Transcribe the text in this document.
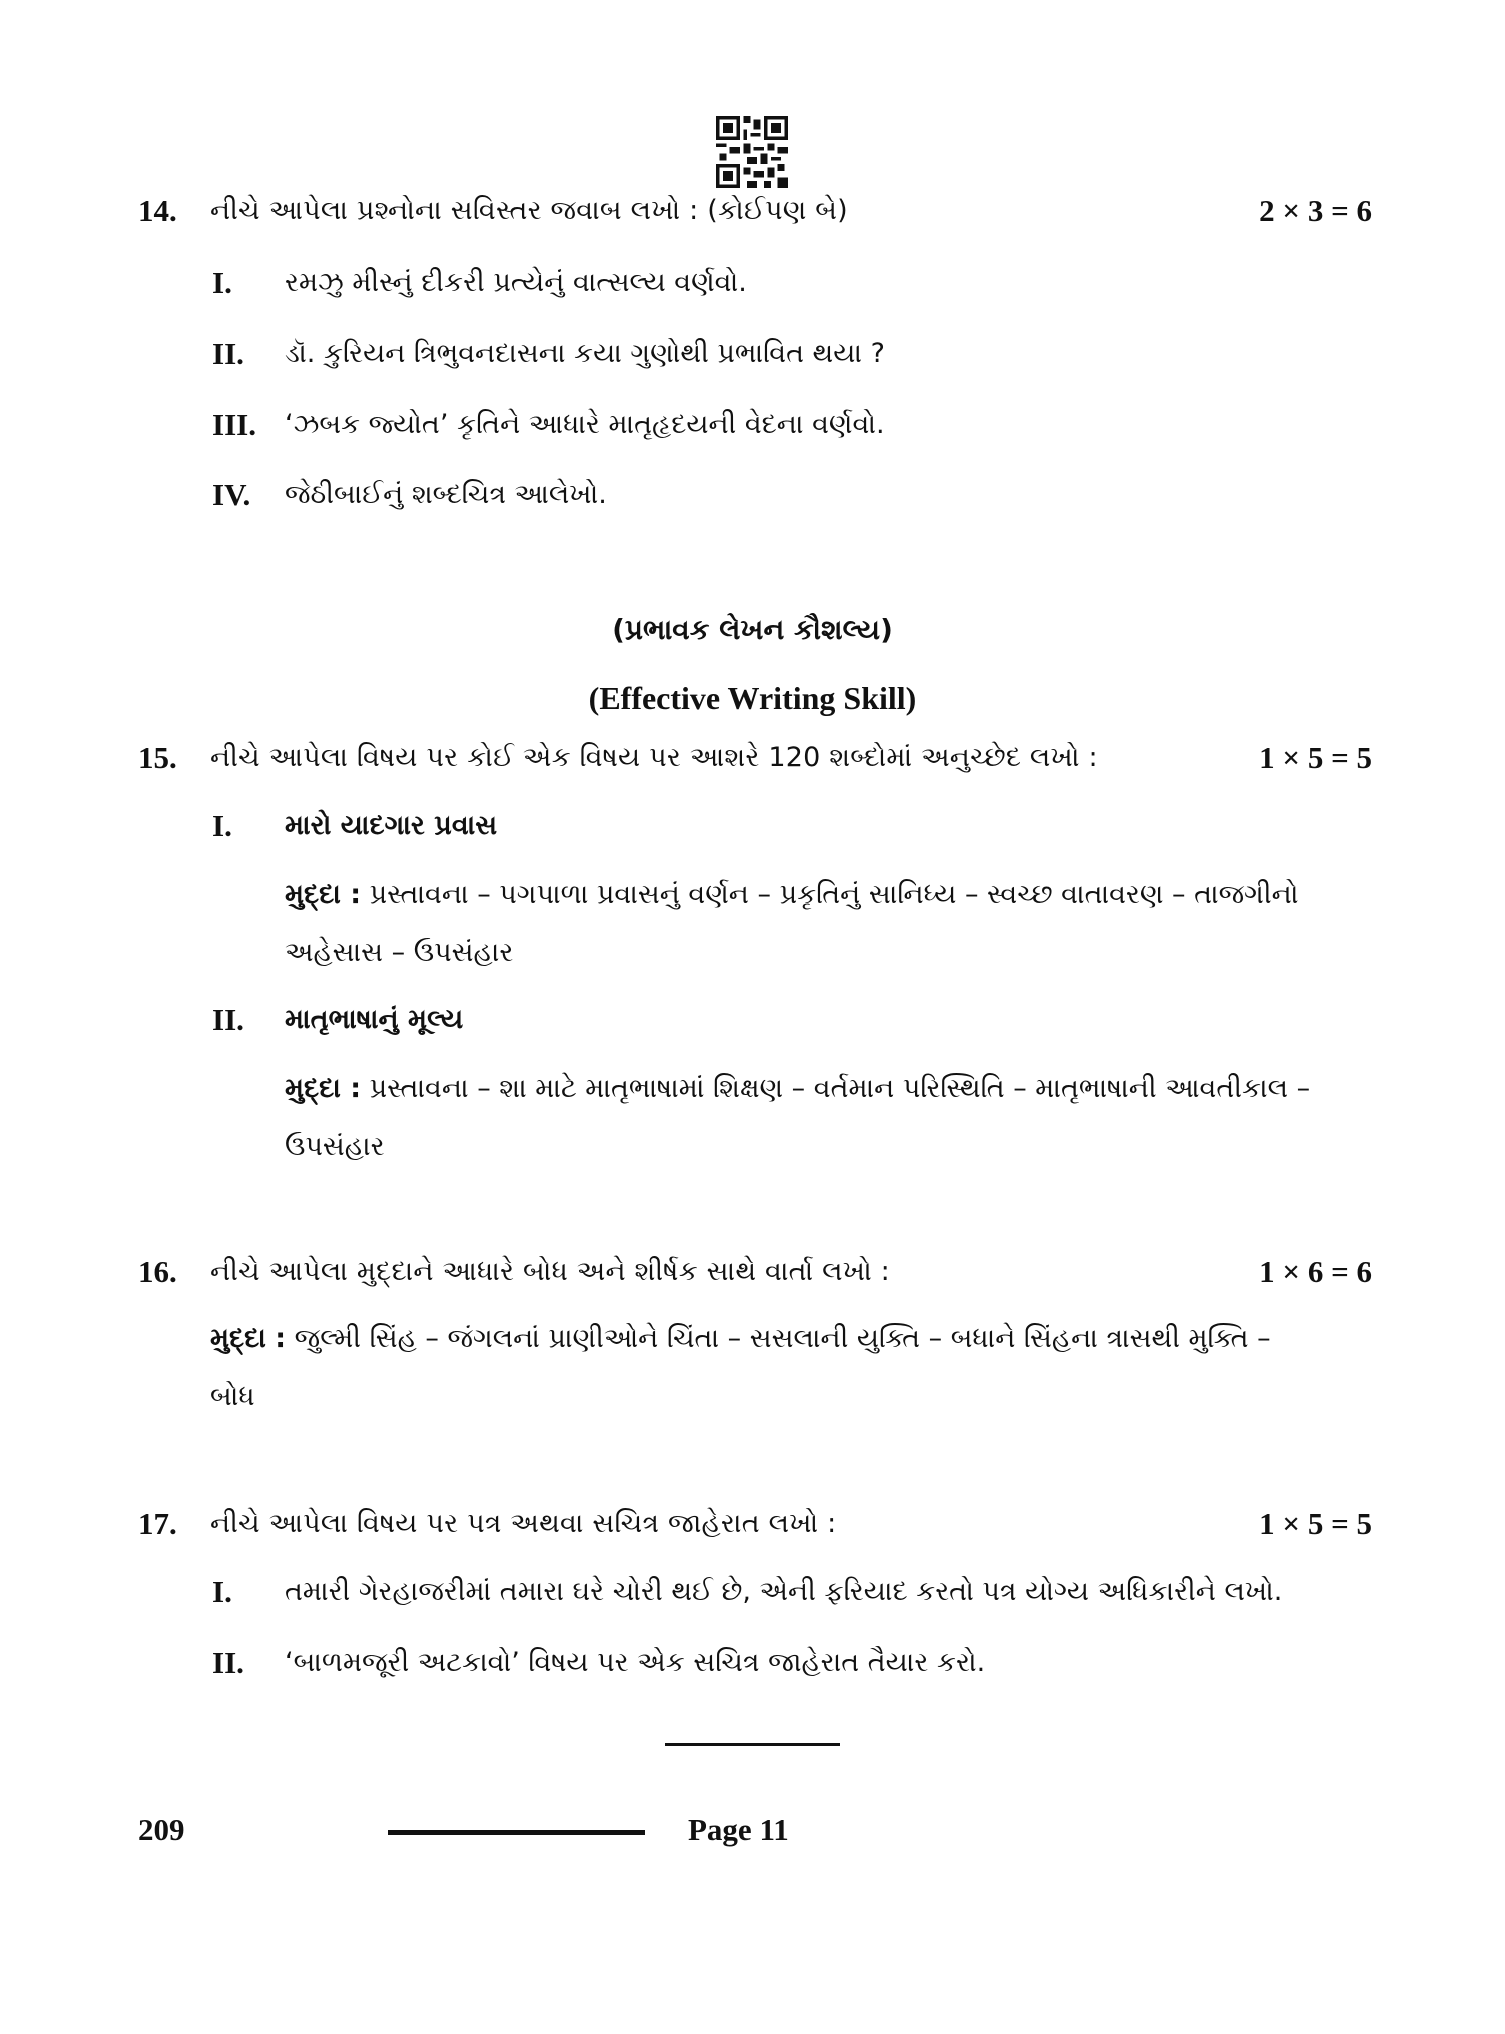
14. નીચે આપેલા પ્રશ્નોના સવિસ્તર જવાબ લખો : (કોઈપણ બે)	2 × 3 = 6
I. રમઝુ મીસ્નું દીકરી પ્રત્યેનું વાત્સલ્ય વર્ણવો.
II. ડૉ. કુરિયન ત્રિભુવનદાસના કયા ગુણોથી પ્રભાવિત થયા ?
III. ‘ઝબક જ્યોત’ કૃતિને આધારે માતૃહૃદયની વેદના વર્ણવો.
IV. જેઠીબાઈનું શબ્દચિત્ર આલેખો.
(પ્રભાવક લેખન કૌશલ્ય)
(Effective Writing Skill)
15. નીચે આપેલા વિષય પર કોઈ એક વિષય પર આશરે 120 શબ્દોમાં અનુચ્છેદ લખો :	1 × 5 = 5
I. મારો યાદગાર પ્રવાસ
મુદ્દા : પ્રસ્તાવના – પગપાળા પ્રવાસનું વર્ણન – પ્રકૃતિનું સાનિધ્ય – સ્વચ્છ વાતાવરણ – તાજગીનો અહેસાસ – ઉપસંહાર
II. માતૃભાષાનું મૂલ્ય
મુદ્દા : પ્રસ્તાવના – શા માટે માતૃભાષામાં શિક્ષણ – વર્તમાન પરિસ્થિતિ – માતૃભાષાની આવતીકાલ – ઉપસંહાર
16. નીચે આપેલા મુદ્દાને આધારે બોધ અને શીર્ષક સાથે વાર્તા લખો :	1 × 6 = 6
મુદ્દા : જુલ્મી સિંહ – જંગલનાં પ્રાણીઓને ચિંતા – સસલાની યુક્તિ – બધાને સિંહના ત્રાસથી મુક્તિ – બોધ
17. નીચે આપેલા વિષય પર પત્ર અથવા સચિત્ર જાહેરાત લખો :	1 × 5 = 5
I. તમારી ગેરહાજરીમાં તમારા ઘરે ચોરી થઈ છે, એની ફરિયાદ કરતો પત્ર યોગ્ય અધિકારીને લખો.
II. ‘બાળમજૂરી અટકાવો’ વિષય પર એક સચિત્ર જાહેરાત તૈયાર કરો.
209	Page 11
